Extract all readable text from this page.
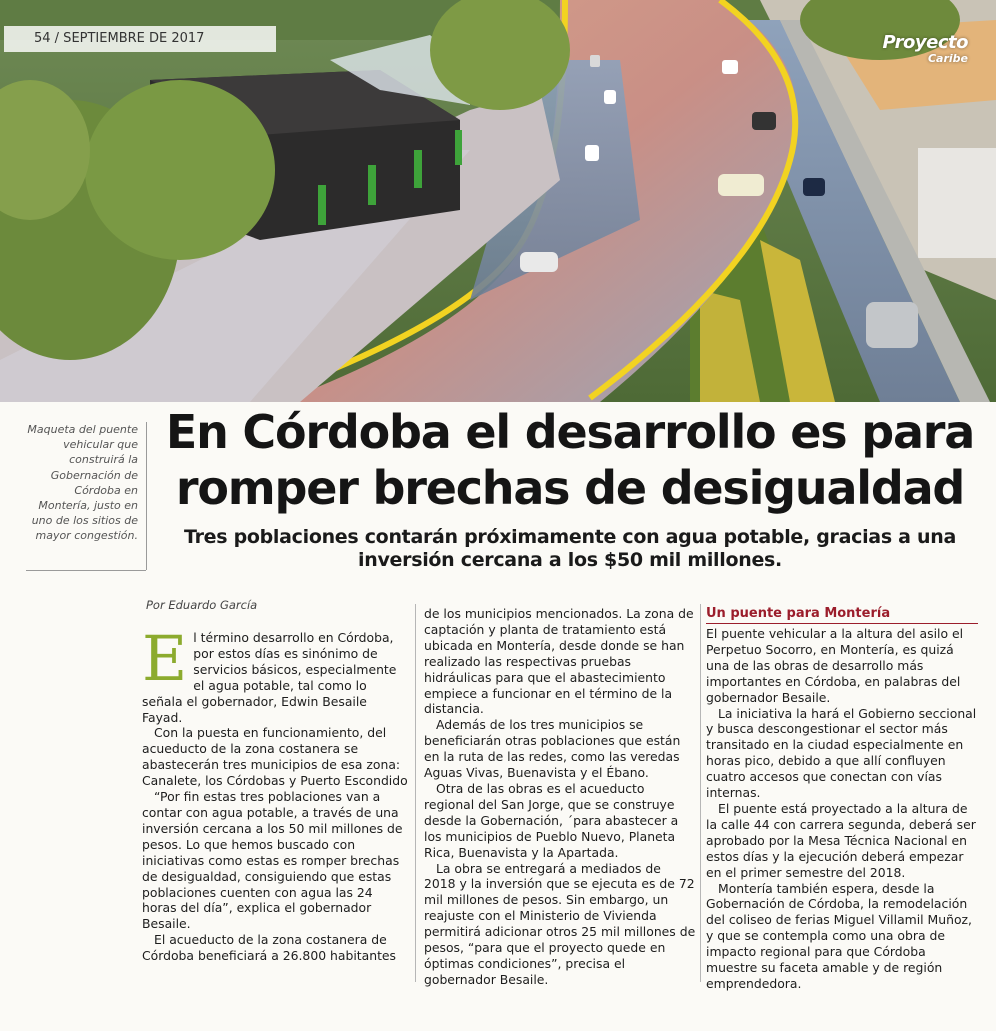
54 / SEPTIEMBRE DE 2017	Proyecto
Caribe
Maqueta del puente vehicular que construirá la Gobernación de Córdoba en Montería, justo en uno de los sitios de mayor congestión.
En Córdoba el desarrollo es para romper brechas de desigualdad
Tres poblaciones contarán próximamente con agua potable, gracias a una inversión cercana a los $50 mil millones.
Por Eduardo García
E l término desarrollo en Córdoba, por estos días es sinónimo de servicios básicos, especialmente el agua potable, tal como lo señala el gobernador, Edwin Besaile Fayad.

Con la puesta en funcionamiento, del acueducto de la zona costanera se abastecerán tres municipios de esa zona: Canalete, los Córdobas y Puerto Escondido

“Por fin estas tres poblaciones van a contar con agua potable, a través de una inversión cercana a los 50 mil millones de pesos. Lo que hemos buscado con iniciativas como estas es romper brechas de desigualdad, consiguiendo que estas poblaciones cuenten con agua las 24 horas del día”, explica el gobernador Besaile.

El acueducto de la zona costanera de Córdoba beneficiará a 26.800 habitantes

de los municipios mencionados. La zona de captación y planta de tratamiento está ubicada en Montería, desde donde se han realizado las respectivas pruebas hidráulicas para que el abastecimiento empiece a funcionar en el término de la distancia.

Además de los tres municipios se beneficiarán otras poblaciones que están en la ruta de las redes, como las veredas Aguas Vivas, Buenavista y el Ébano.

Otra de las obras es el acueducto regional del San Jorge, que se construye desde la Gobernación, ´para abastecer a los municipios de Pueblo Nuevo, Planeta Rica, Buenavista y la Apartada.

La obra se entregará a mediados de 2018 y la inversión que se ejecuta es de 72 mil millones de pesos. Sin embargo, un reajuste con el Ministerio de Vivienda permitirá adicionar otros 25 mil millones de pesos, “para que el proyecto quede en óptimas condiciones”, precisa el gobernador Besaile.

Un puente para Montería

El puente vehicular a la altura del asilo el Perpetuo Socorro, en Montería, es quizá una de las obras de desarrollo más importantes en Córdoba, en palabras del gobernador Besaile.

La iniciativa la hará el Gobierno seccional y busca descongestionar el sector más transitado en la ciudad especialmente en horas pico, debido a que allí confluyen cuatro accesos que conectan con vías internas.

El puente está proyectado a la altura de la calle 44 con carrera segunda, deberá ser aprobado por la Mesa Técnica Nacional en estos días y la ejecución deberá empezar en el primer semestre del 2018.

Montería también espera, desde la Gobernación de Córdoba, la remodelación del coliseo de ferias Miguel Villamil Muñoz, y que se contempla como una obra de impacto regional para que Córdoba muestre su faceta amable y de región emprendedora.
